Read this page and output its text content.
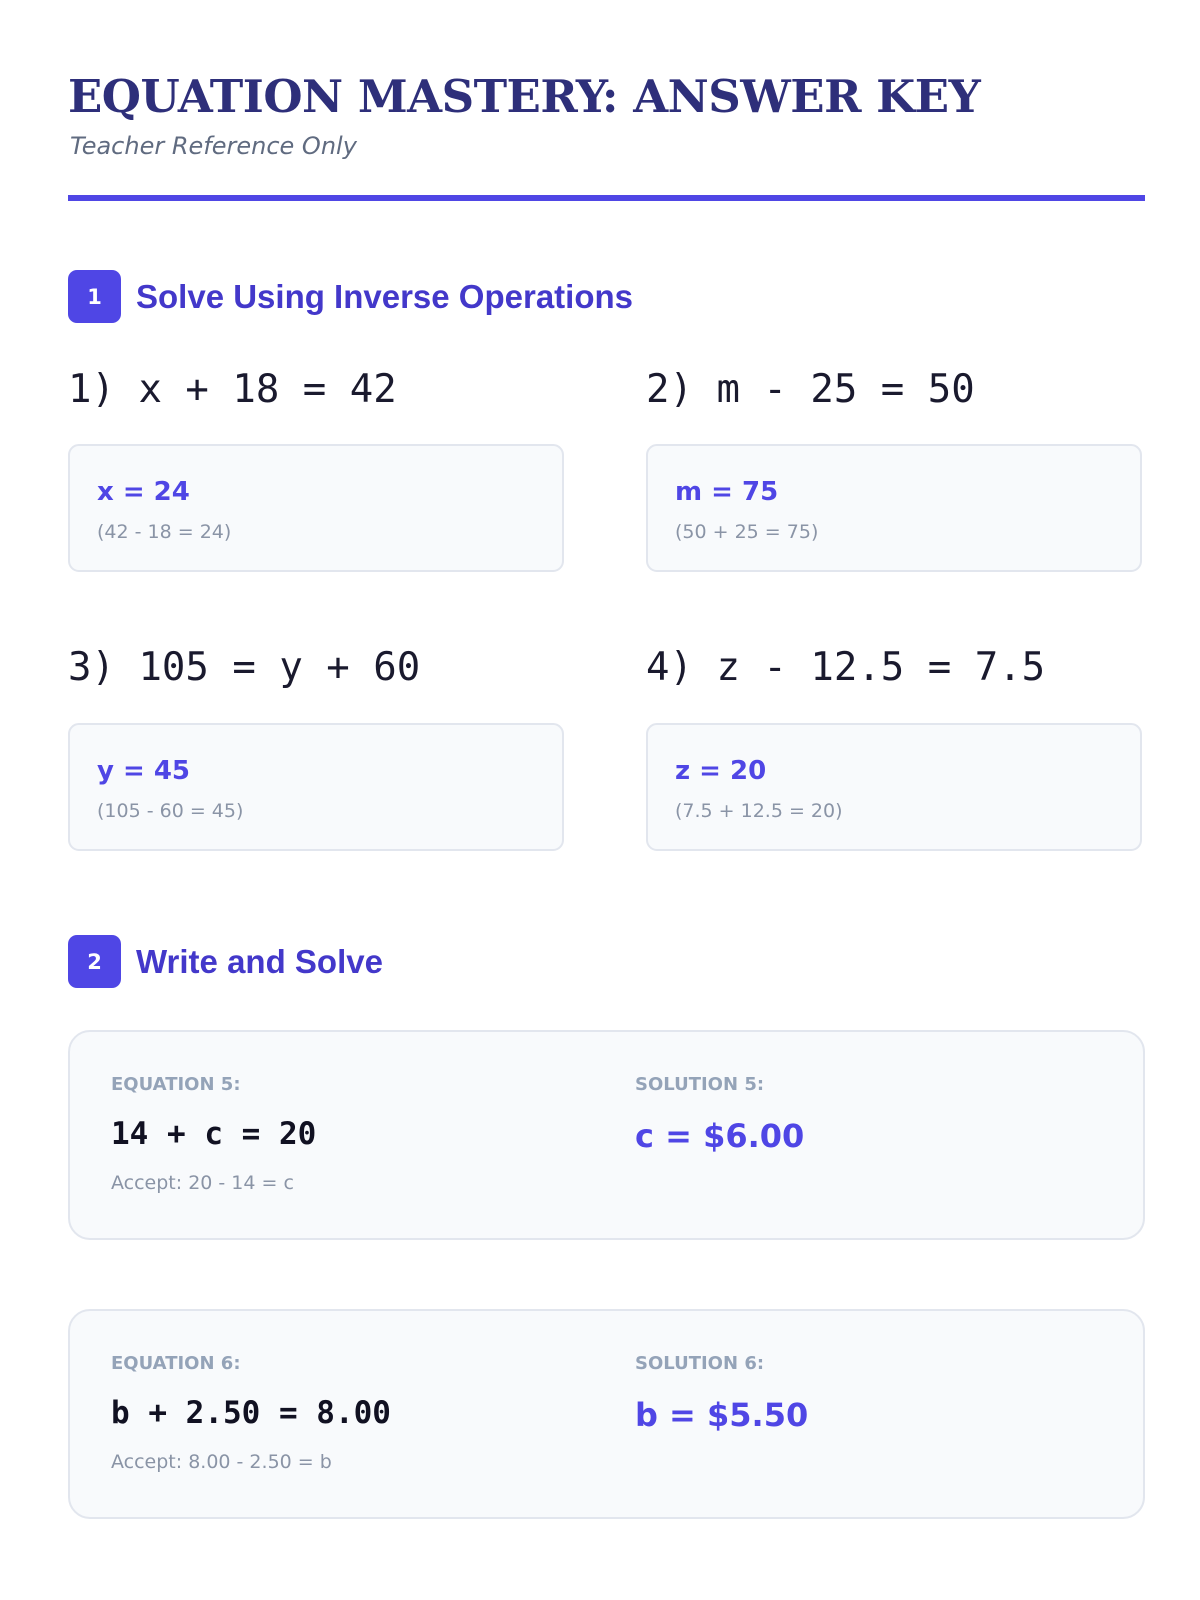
EQUATION MASTERY: ANSWER KEY
Teacher Reference Only
1	Solve Using Inverse Operations
1) x + 18 = 42
x = 24
(42 - 18 = 24)
2) m - 25 = 50
m = 75
(50 + 25 = 75)
3) 105 = y + 60
y = 45
(105 - 60 = 45)
4) z - 12.5 = 7.5
z = 20
(7.5 + 12.5 = 20)
2	Write and Solve
EQUATION 5:
14 + c = 20
Accept: 20 - 14 = c
SOLUTION 5:
c = $6.00
EQUATION 6:
b + 2.50 = 8.00
Accept: 8.00 - 2.50 = b
SOLUTION 6:
b = $5.50
